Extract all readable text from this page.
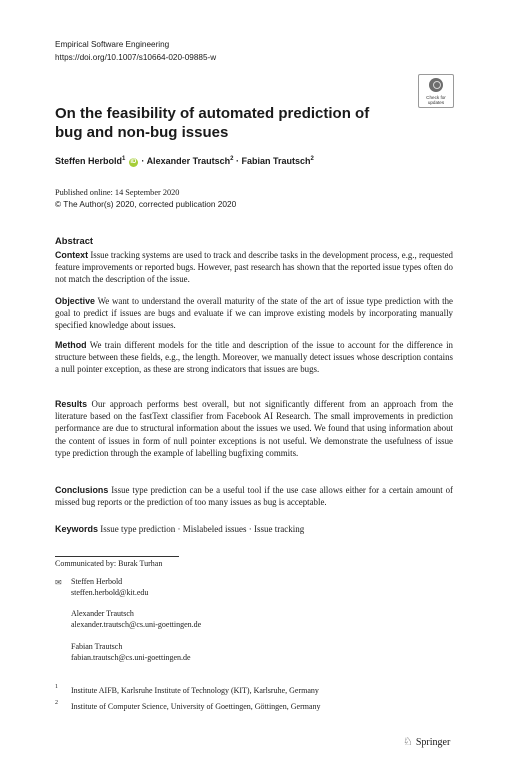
Empirical Software Engineering
https://doi.org/10.1007/s10664-020-09885-w
Check for
updates
On the feasibility of automated prediction of bug and non-bug issues
Steffen Herbold$^1$ iD · Alexander Trautsch$^2$ · Fabian Trautsch$^2$
Published online: 14 September 2020
© The Author(s) 2020, corrected publication 2020
Abstract
Context Issue tracking systems are used to track and describe tasks in the development process, e.g., requested feature improvements or reported bugs. However, past research has shown that the reported issue types often do not match the description of the issue.
Objective We want to understand the overall maturity of the state of the art of issue type prediction with the goal to predict if issues are bugs and evaluate if we can improve existing models by incorporating manually specified knowledge about issues.
Method We train different models for the title and description of the issue to account for the difference in structure between these fields, e.g., the length. Moreover, we manually detect issues whose description contains a null pointer exception, as these are strong indicators that issues are bugs.
Results Our approach performs best overall, but not significantly different from an approach from the literature based on the fastText classifier from Facebook AI Research. The small improvements in prediction performance are due to structural information about the issues we used. We found that using information about the content of issues in form of null pointer exceptions is not useful. We demonstrate the usefulness of issue type prediction through the example of labelling bugfixing commits.
Conclusions Issue type prediction can be a useful tool if the use case allows either for a certain amount of missed bug reports or the prediction of too many issues as bug is acceptable.
Keywords Issue type prediction · Mislabeled issues · Issue tracking
Communicated by: Burak Turhan
✉ Steffen Herbold
steffen.herbold@kit.edu
Alexander Trautsch
alexander.trautsch@cs.uni-goettingen.de
Fabian Trautsch
fabian.trautsch@cs.uni-goettingen.de
1 Institute AIFB, Karlsruhe Institute of Technology (KIT), Karlsruhe, Germany
2 Institute of Computer Science, University of Goettingen, Göttingen, Germany
♘ Springer
